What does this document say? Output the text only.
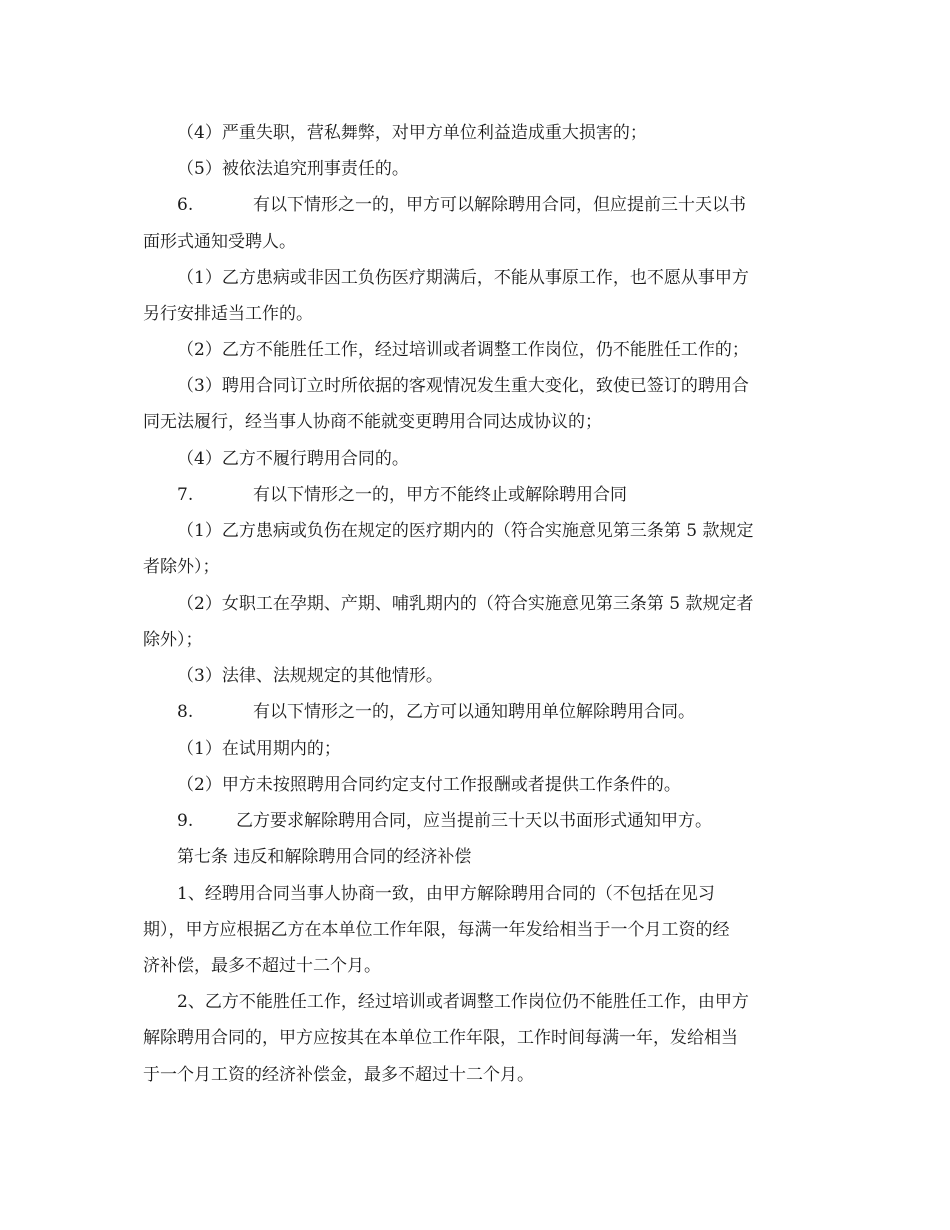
（4）严重失职，营私舞弊，对甲方单位利益造成重大损害的；

（5）被依法追究刑事责任的。

6.	有以下情形之一的，甲方可以解除聘用合同，但应提前三十天以书

面形式通知受聘人。

（1）乙方患病或非因工负伤医疗期满后，不能从事原工作，也不愿从事甲方

另行安排适当工作的。

（2）乙方不能胜任工作，经过培训或者调整工作岗位，仍不能胜任工作的；

（3）聘用合同订立时所依据的客观情况发生重大变化，致使已签订的聘用合

同无法履行，经当事人协商不能就变更聘用合同达成协议的；

（4）乙方不履行聘用合同的。

7.	有以下情形之一的，甲方不能终止或解除聘用合同

（1）乙方患病或负伤在规定的医疗期内的（符合实施意见第三条第 5 款规定

者除外）；

（2）女职工在孕期、产期、哺乳期内的（符合实施意见第三条第 5 款规定者

除外）；

（3）法律、法规规定的其他情形。

8.	有以下情形之一的，乙方可以通知聘用单位解除聘用合同。

（1）在试用期内的；

（2）甲方未按照聘用合同约定支付工作报酬或者提供工作条件的。

9.	乙方要求解除聘用合同，应当提前三十天以书面形式通知甲方。

第七条 违反和解除聘用合同的经济补偿

1、经聘用合同当事人协商一致，由甲方解除聘用合同的（不包括在见习

期），甲方应根据乙方在本单位工作年限，每满一年发给相当于一个月工资的经

济补偿，最多不超过十二个月。

2、乙方不能胜任工作，经过培训或者调整工作岗位仍不能胜任工作，由甲方

解除聘用合同的，甲方应按其在本单位工作年限，工作时间每满一年，发给相当

于一个月工资的经济补偿金，最多不超过十二个月。
